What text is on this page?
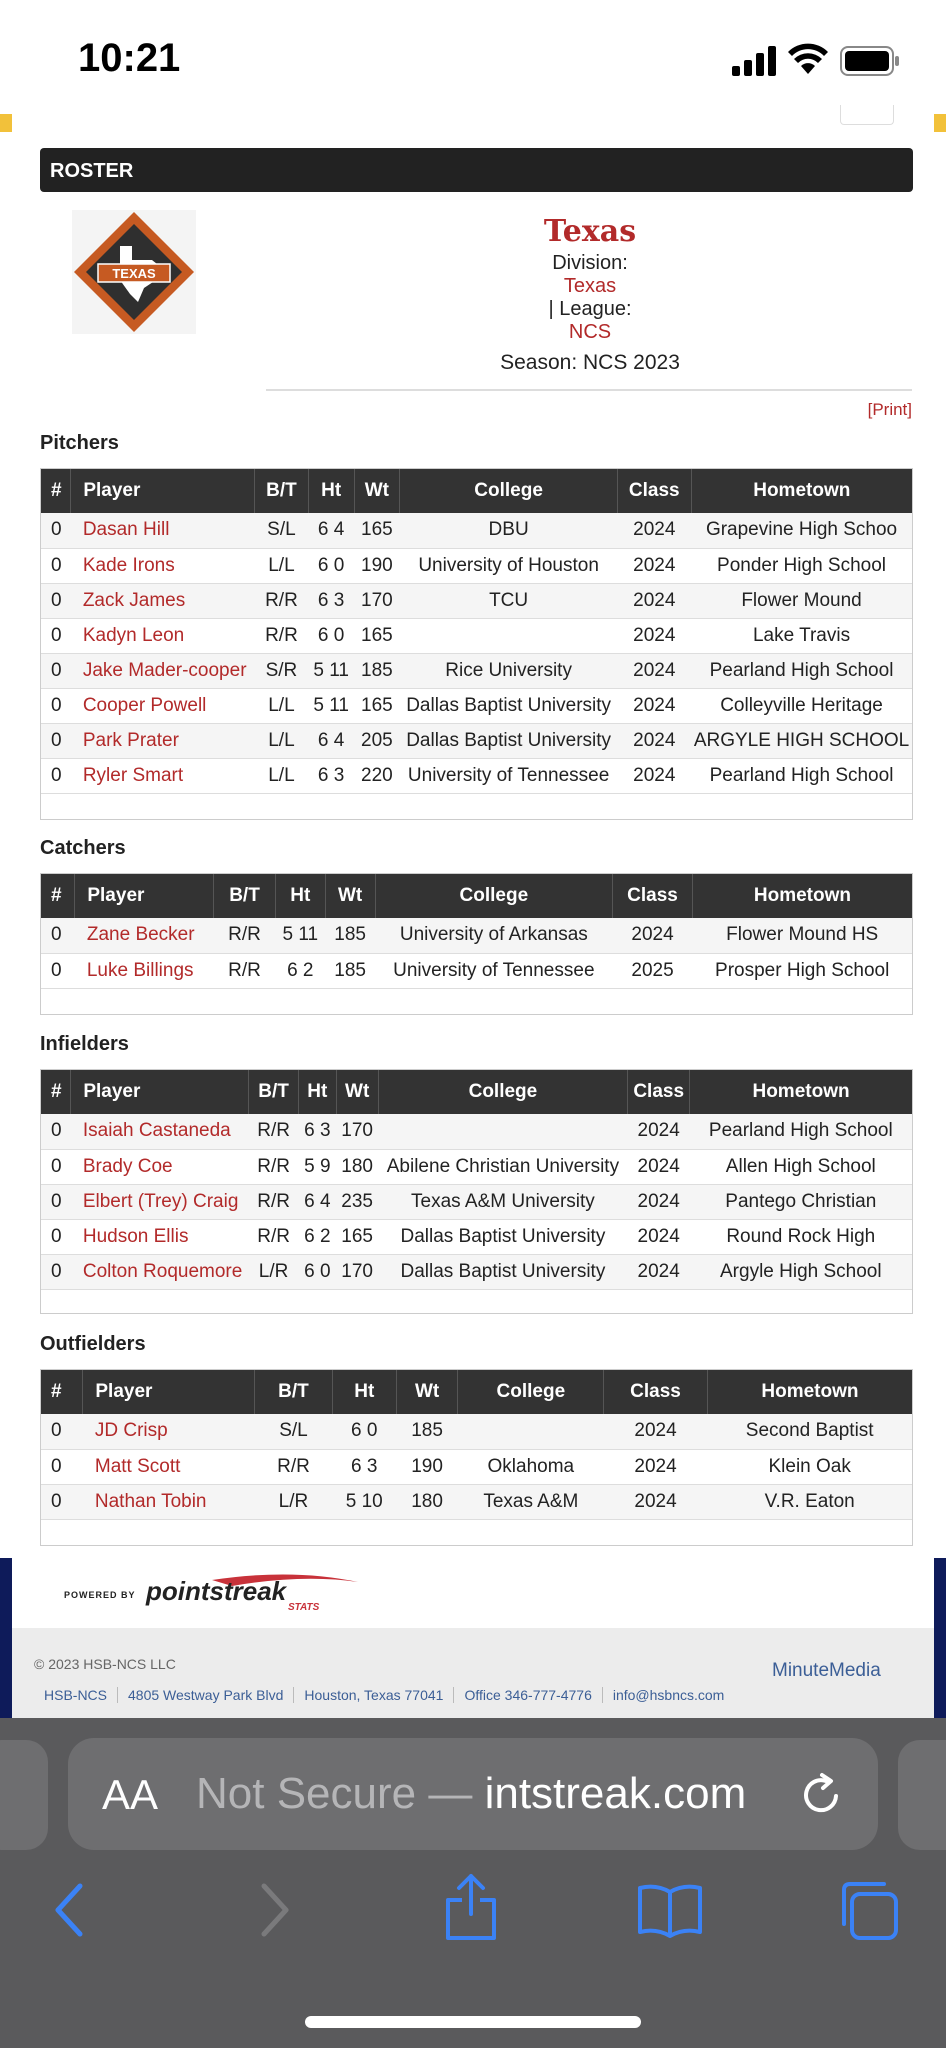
10:21
ROSTER
TEXAS
Texas
Division:
Texas
| League:
NCS
Season: NCS 2023
[Print]
Pitchers
#	Player	B/T	Ht	Wt	College	Class	Hometown
0	Dasan Hill	S/L	6 4	165	DBU	2024	Grapevine High Schoo
0	Kade Irons	L/L	6 0	190	University of Houston	2024	Ponder High School
0	Zack James	R/R	6 3	170	TCU	2024	Flower Mound
0	Kadyn Leon	R/R	6 0	165		2024	Lake Travis
0	Jake Mader-cooper	S/R	5 11	185	Rice University	2024	Pearland High School
0	Cooper Powell	L/L	5 11	165	Dallas Baptist University	2024	Colleyville Heritage
0	Park Prater	L/L	6 4	205	Dallas Baptist University	2024	ARGYLE HIGH SCHOOL
0	Ryler Smart	L/L	6 3	220	University of Tennessee	2024	Pearland High School
Catchers
#	Player	B/T	Ht	Wt	College	Class	Hometown
0	Zane Becker	R/R	5 11	185	University of Arkansas	2024	Flower Mound HS
0	Luke Billings	R/R	6 2	185	University of Tennessee	2025	Prosper High School
Infielders
#	Player	B/T	Ht	Wt	College	Class	Hometown
0	Isaiah Castaneda	R/R	6 3	170		2024	Pearland High School
0	Brady Coe	R/R	5 9	180	Abilene Christian University	2024	Allen High School
0	Elbert (Trey) Craig	R/R	6 4	235	Texas A&M University	2024	Pantego Christian
0	Hudson Ellis	R/R	6 2	165	Dallas Baptist University	2024	Round Rock High
0	Colton Roquemore	L/R	6 0	170	Dallas Baptist University	2024	Argyle High School
Outfielders
#	Player	B/T	Ht	Wt	College	Class	Hometown
0	JD Crisp	S/L	6 0	185		2024	Second Baptist
0	Matt Scott	R/R	6 3	190	Oklahoma	2024	Klein Oak
0	Nathan Tobin	L/R	5 10	180	Texas A&M	2024	V.R. Eaton
POWERED BY pointstreak
STATS
© 2023 HSB-NCS LLC	MinuteMedia
HSB-NCS 4805 Westway Park Blvd Houston, Texas 77041 Office 346-777-4776 info@hsbncs.com
AA Not Secure — intstreak.com
